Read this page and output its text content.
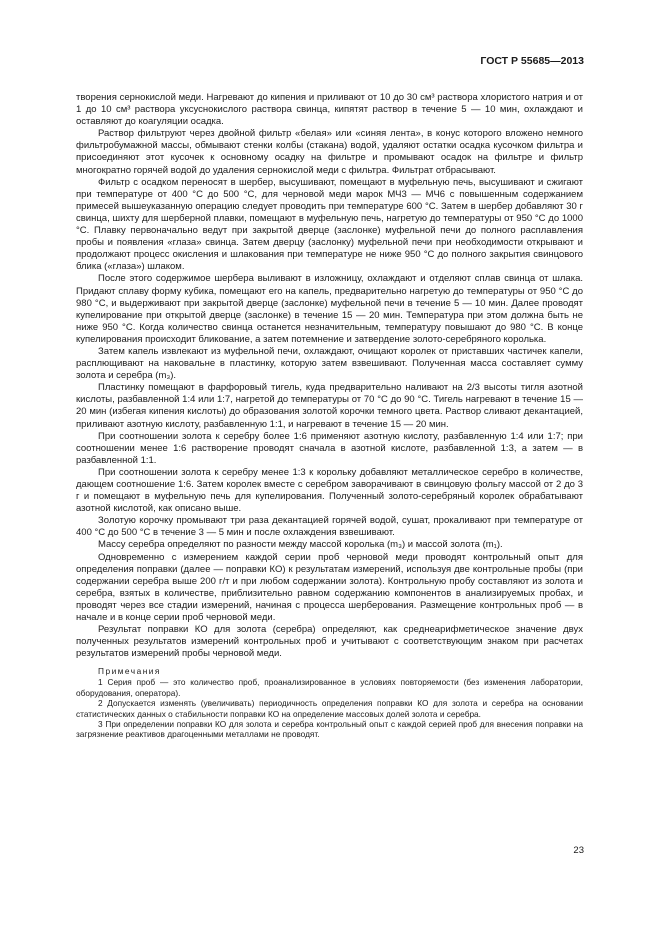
ГОСТ Р 55685—2013

творения сернокислой меди. Нагревают до кипения и приливают от 10 до 30 см³ раствора хлористого натрия и от 1 до 10 см³ раствора уксуснокислого раствора свинца, кипятят раствор в течение 5 — 10 мин, охлаждают и оставляют до коагуляции осадка.

Раствор фильтруют через двойной фильтр «белая» или «синяя лента», в конус которого вложено немного фильтробумажной массы, обмывают стенки колбы (стакана) водой, удаляют остатки осадка кусочком фильтра и присоединяют этот кусочек к основному осадку на фильтре и промывают осадок на фильтре и фильтр многократно горячей водой до удаления сернокислой меди с фильтра. Фильтрат отбрасывают.

Фильтр с осадком переносят в шербер, высушивают, помещают в муфельную печь, высушивают и сжигают при температуре от 400 °С до 500 °С, для черновой меди марок МЧ3 — МЧ6 с повышенным содержанием примесей вышеуказанную операцию следует проводить при температуре 600 °С. Затем в шербер добавляют 30 г свинца, шихту для шерберной плавки, помещают в муфельную печь, нагретую до температуры от 950 °С до 1000 °С. Плавку первоначально ведут при закрытой дверце (заслонке) муфельной печи до полного расплавления пробы и появления «глаза» свинца. Затем дверцу (заслонку) муфельной печи при необходимости открывают и продолжают процесс окисления и шлакования при температуре не ниже 950 °С до полного закрытия свинцового блика («глаза») шлаком.

После этого содержимое шербера выливают в изложницу, охлаждают и отделяют сплав свинца от шлака. Придают сплаву форму кубика, помещают его на капель, предварительно нагретую до температуры от 950 °С до 980 °С, и выдерживают при закрытой дверце (заслонке) муфельной печи в течение 5 — 10 мин. Далее проводят купелирование при открытой дверце (заслонке) в течение 15 — 20 мин. Температура при этом должна быть не ниже 950 °С. Когда количество свинца останется незначительным, температуру повышают до 980 °С. В конце купелирования происходит бликование, а затем потемнение и затвердение золото-серебряного королька.

Затем капель извлекают из муфельной печи, охлаждают, очищают королек от приставших частичек капели, расплющивают на наковальне в пластинку, которую затем взвешивают. Полученная масса составляет сумму золота и серебра (m₃).

Пластинку помещают в фарфоровый тигель, куда предварительно наливают на 2/3 высоты тигля азотной кислоты, разбавленной 1:4 или 1:7, нагретой до температуры от 70 °С до 90 °С. Тигель нагревают в течение 15 — 20 мин (избегая кипения кислоты) до образования золотой корочки темного цвета. Раствор сливают декантацией, приливают азотную кислоту, разбавленную 1:1, и нагревают в течение 15 — 20 мин.

При соотношении золота к серебру более 1:6 применяют азотную кислоту, разбавленную 1:4 или 1:7; при соотношении менее 1:6 растворение проводят сначала в азотной кислоте, разбавленной 1:3, а затем — в разбавленной 1:1.

При соотношении золота к серебру менее 1:3 к корольку добавляют металлическое серебро в количестве, дающем соотношение 1:6. Затем королек вместе с серебром заворачивают в свинцовую фольгу массой от 2 до 3 г и помещают в муфельную печь для купелирования. Полученный золото-серебряный королек обрабатывают азотной кислотой, как описано выше.

Золотую корочку промывают три раза декантацией горячей водой, сушат, прокаливают при температуре от 400 °С до 500 °С в течение 3 — 5 мин и после охлаждения взвешивают.

Массу серебра определяют по разности между массой королька (m₃) и массой золота (m₁).

Одновременно с измерением каждой серии проб черновой меди проводят контрольный опыт для определения поправки (далее — поправки КО) к результатам измерений, используя две контрольные пробы (при содержании серебра выше 200 г/т и при любом содержании золота). Контрольную пробу составляют из золота и серебра, взятых в количестве, приблизительно равном содержанию компонентов в анализируемых пробах, и проводят через все стадии измерений, начиная с процесса шерберования. Размещение контрольных проб — в начале и в конце серии проб черновой меди.

Результат поправки КО для золота (серебра) определяют, как среднеарифметическое значение двух полученных результатов измерений контрольных проб и учитывают с соответствующим знаком при расчетах результатов измерений пробы черновой меди.

Примечания

1 Серия проб — это количество проб, проанализированное в условиях повторяемости (без изменения лаборатории, оборудования, оператора).

2 Допускается изменять (увеличивать) периодичность определения поправки КО для золота и серебра на основании статистических данных о стабильности поправки КО на определение массовых долей золота и серебра.

3 При определении поправки КО для золота и серебра контрольный опыт с каждой серией проб для внесения поправки на загрязнение реактивов драгоценными металлами не проводят.

23
